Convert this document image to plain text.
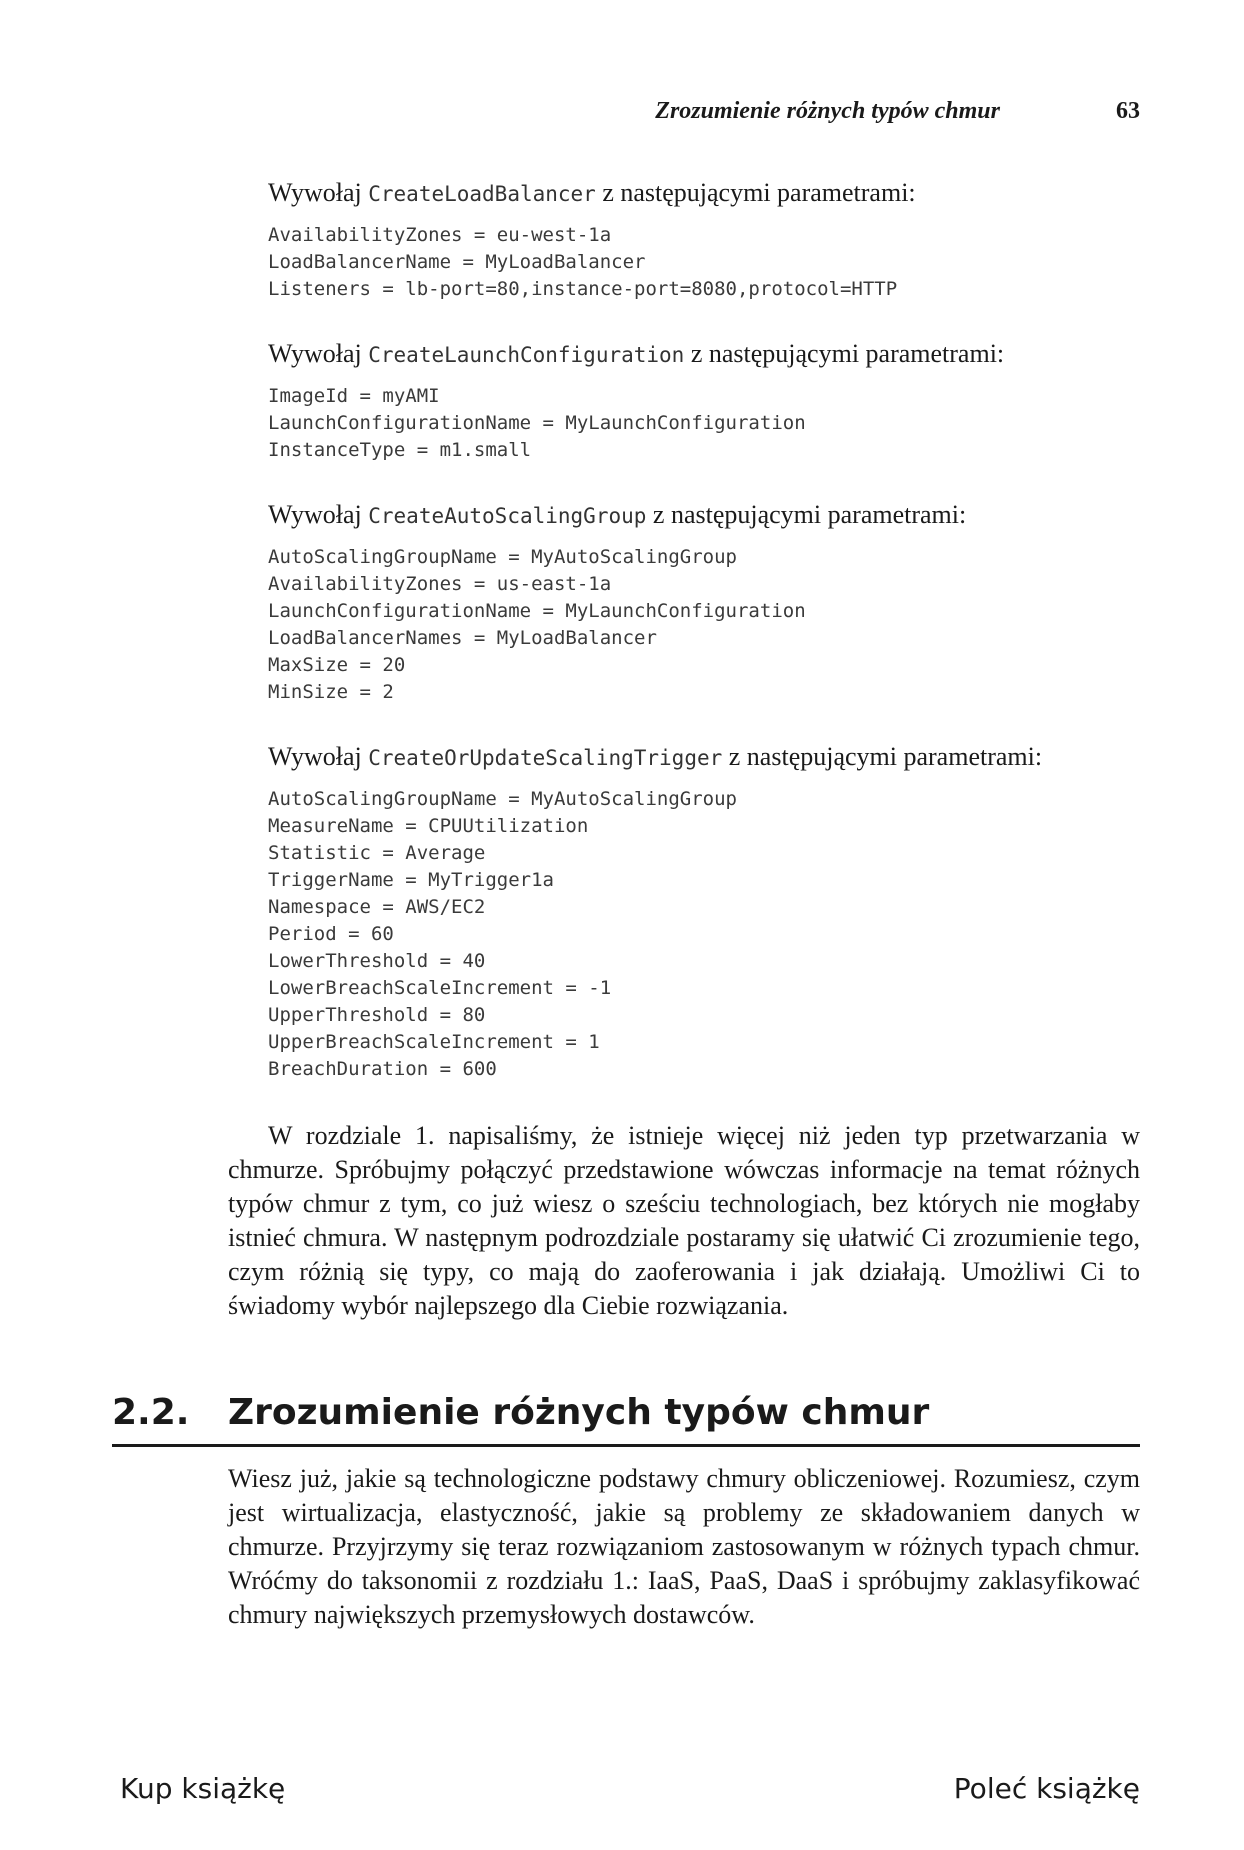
Zrozumienie różnych typów chmur	63

Wywołaj CreateLoadBalancer z następującymi parametrami:

AvailabilityZones = eu-west-1a
LoadBalancerName = MyLoadBalancer
Listeners = lb-port=80,instance-port=8080,protocol=HTTP

Wywołaj CreateLaunchConfiguration z następującymi parametrami:

ImageId = myAMI
LaunchConfigurationName = MyLaunchConfiguration
InstanceType = m1.small

Wywołaj CreateAutoScalingGroup z następującymi parametrami:

AutoScalingGroupName = MyAutoScalingGroup
AvailabilityZones = us-east-1a
LaunchConfigurationName = MyLaunchConfiguration
LoadBalancerNames = MyLoadBalancer
MaxSize = 20
MinSize = 2

Wywołaj CreateOrUpdateScalingTrigger z następującymi parametrami:

AutoScalingGroupName = MyAutoScalingGroup
MeasureName = CPUUtilization
Statistic = Average
TriggerName = MyTrigger1a
Namespace = AWS/EC2
Period = 60
LowerThreshold = 40
LowerBreachScaleIncrement = -1
UpperThreshold = 80
UpperBreachScaleIncrement = 1
BreachDuration = 600

W rozdziale 1. napisaliśmy, że istnieje więcej niż jeden typ przetwarzania w chmurze. Spróbujmy połączyć przedstawione wówczas informacje na temat różnych typów chmur z tym, co już wiesz o sześciu technologiach, bez których nie mogłaby istnieć chmura. W następnym podrozdziale postaramy się ułatwić Ci zrozumienie tego, czym różnią się typy, co mają do zaoferowania i jak działają. Umożliwi Ci to świadomy wybór najlepszego dla Ciebie rozwiązania.

2.2. Zrozumienie różnych typów chmur

Wiesz już, jakie są technologiczne podstawy chmury obliczeniowej. Rozumiesz, czym jest wirtualizacja, elastyczność, jakie są problemy ze składowaniem danych w chmurze. Przyjrzymy się teraz rozwiązaniom zastosowanym w różnych typach chmur. Wróćmy do taksonomii z rozdziału 1.: IaaS, PaaS, DaaS i spróbujmy zaklasyfikować chmury największych przemysłowych dostawców.

Kup książkę	Poleć książkę
